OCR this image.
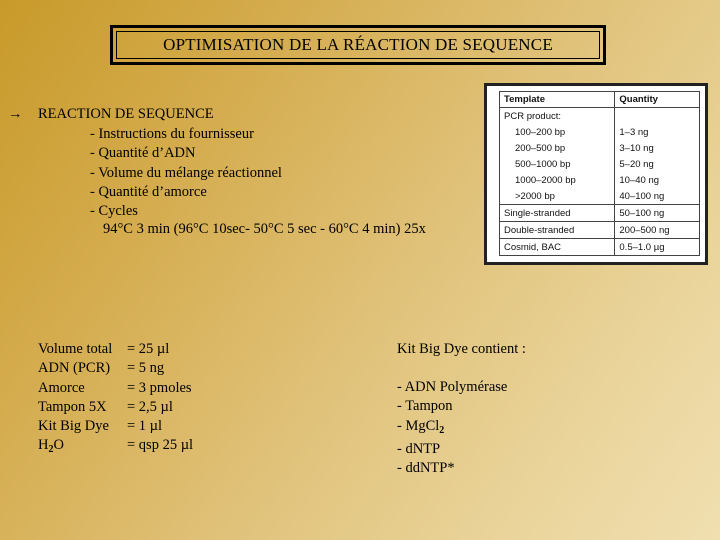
OPTIMISATION DE LA RÉACTION DE SEQUENCE
→ REACTION DE SEQUENCE
- Instructions du fournisseur
- Quantité d’ADN
- Volume du mélange réactionnel
- Quantité d’amorce
- Cycles
94°C 3 min (96°C 10sec- 50°C 5 sec - 60°C 4 min) 25x
Template	Quantity
PCR product:	
100–200 bp	1–3 ng
200–500 bp	3–10 ng
500–1000 bp	5–20 ng
1000–2000 bp	10–40 ng
>2000 bp	40–100 ng
Single-stranded	50–100 ng
Double-stranded	200–500 ng
Cosmid, BAC	0.5–1.0 µg
Volume total	= 25 µl
ADN (PCR)	= 5 ng
Amorce	= 3 pmoles
Tampon 5X	= 2,5 µl
Kit Big Dye	= 1 µl
$H_2O$	= qsp 25 µl
Kit Big Dye contient :
- ADN Polymérase
- Tampon
- MgCl$_2$
- dNTP
- ddNTP*
